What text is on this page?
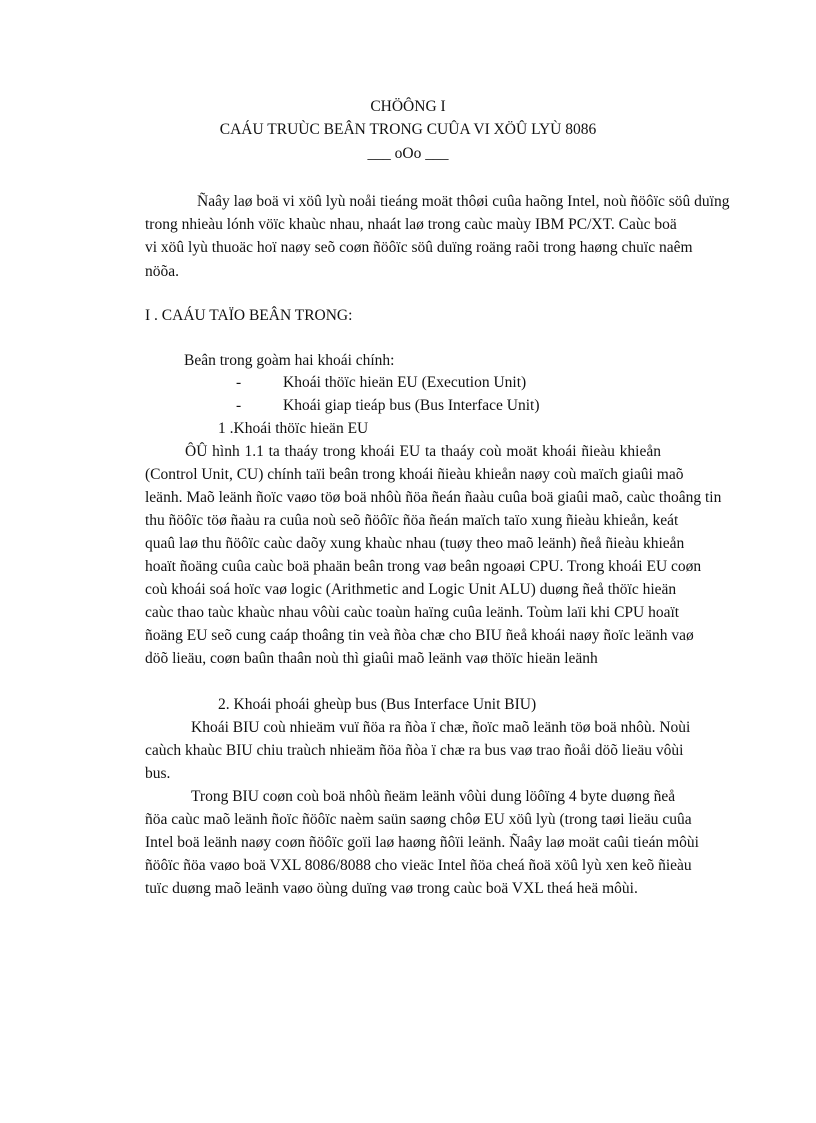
CHÖÔNG I
CAÁU TRUÙC BEÂN TRONG CUÛA VI XÖÛ LYÙ 8086
___ oOo ___
Ñaây laø boä vi xöû lyù noåi tieáng moät thôøi cuûa haõng Intel, noù ñöôïc söû duïng
trong nhieàu lónh vöïc khaùc nhau, nhaát laø trong caùc maùy IBM PC/XT. Caùc boä
vi xöû lyù thuoäc hoï naøy seõ coøn ñöôïc söû duïng roäng raõi trong haøng chuïc naêm
nöõa.
I . CAÁU TAÏO BEÂN TRONG:
Beân trong goàm hai khoái chính:
-	Khoái thöïc hieän EU (Execution Unit)
-	Khoái giap tieáp bus (Bus Interface Unit)
1 .Khoái thöïc hieän EU
ÔÛ hình 1.1 ta thaáy trong khoái EU ta thaáy coù moät khoái ñieàu khieån
(Control Unit, CU) chính taïi beân trong khoái ñieàu khieån naøy coù maïch giaûi maõ
leänh. Maõ leänh ñoïc vaøo töø boä nhôù ñöa ñeán ñaàu cuûa boä giaûi maõ, caùc thoâng tin
thu ñöôïc töø ñaàu ra cuûa noù seõ ñöôïc ñöa ñeán maïch taïo xung ñieàu khieån, keát
quaû laø thu ñöôïc caùc daõy xung khaùc nhau (tuøy theo maõ leänh) ñeå ñieàu khieån
hoaït ñoäng cuûa caùc boä phaän beân trong vaø beân ngoaøi CPU. Trong khoái EU coøn
coù khoái soá hoïc vaø logic (Arithmetic and Logic Unit ALU) duøng ñeå thöïc hieän
caùc thao taùc khaùc nhau vôùi caùc toaùn haïng cuûa leänh. Toùm laïi khi CPU hoaït
ñoäng EU seõ cung caáp thoâng tin veà ñòa chæ cho BIU ñeå khoái naøy ñoïc leänh vaø
döõ lieäu, coøn baûn thaân noù thì giaûi maõ leänh vaø thöïc hieän leänh
2. Khoái phoái gheùp bus (Bus Interface Unit BIU)
Khoái BIU coù nhieäm vuï ñöa ra ñòa ï chæ, ñoïc maõ leänh töø boä nhôù. Noùi
caùch khaùc BIU chiu traùch nhieäm ñöa ñòa ï chæ ra bus vaø trao ñoåi döõ lieäu vôùi
bus.
Trong BIU coøn coù boä nhôù ñeäm leänh vôùi dung löôïng 4 byte duøng ñeå
ñöa caùc maõ leänh ñoïc ñöôïc naèm saün saøng chôø EU xöû lyù (trong taøi lieäu cuûa
Intel boä leänh naøy coøn ñöôïc goïi laø haøng ñôïi leänh. Ñaây laø moät caûi tieán môùi
ñöôïc ñöa vaøo boä VXL 8086/8088 cho vieäc Intel ñöa cheá ñoä xöû lyù xen keõ ñieàu
tuïc duøng maõ leänh vaøo öùng duïng vaø trong caùc boä VXL theá heä môùi.
